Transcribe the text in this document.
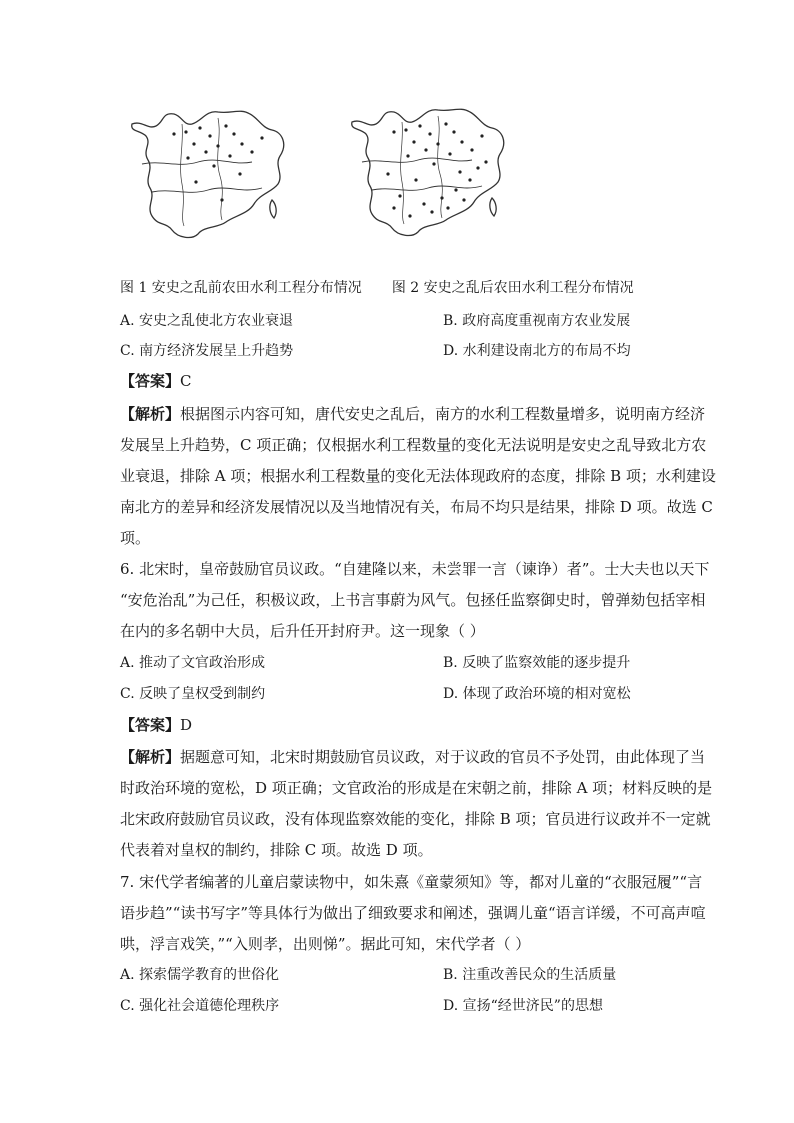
图 1 安史之乱前农田水利工程分布情况 图 2 安史之乱后农田水利工程分布情况
A. 安史之乱使北方农业衰退	B. 政府高度重视南方农业发展
C. 南方经济发展呈上升趋势	D. 水利建设南北方的布局不均
【答案】C
【解析】根据图示内容可知，唐代安史之乱后，南方的水利工程数量增多，说明南方经济
发展呈上升趋势，C 项正确；仅根据水利工程数量的变化无法说明是安史之乱导致北方农
业衰退，排除 A 项；根据水利工程数量的变化无法体现政府的态度，排除 B 项；水利建设
南北方的差异和经济发展情况以及当地情况有关，布局不均只是结果，排除 D 项。故选 C
项。
6. 北宋时，皇帝鼓励官员议政。“自建隆以来，未尝罪一言（谏诤）者”。士大夫也以天下
“安危治乱”为己任，积极议政，上书言事蔚为风气。包拯任监察御史时，曾弹劾包括宰相
在内的多名朝中大员，后升任开封府尹。这一现象（ ）
A. 推动了文官政治形成	B. 反映了监察效能的逐步提升
C. 反映了皇权受到制约	D. 体现了政治环境的相对宽松
【答案】D
【解析】据题意可知，北宋时期鼓励官员议政，对于议政的官员不予处罚，由此体现了当
时政治环境的宽松，D 项正确；文官政治的形成是在宋朝之前，排除 A 项；材料反映的是
北宋政府鼓励官员议政，没有体现监察效能的变化，排除 B 项；官员进行议政并不一定就
代表着对皇权的制约，排除 C 项。故选 D 项。
7. 宋代学者编著的儿童启蒙读物中，如朱熹《童蒙须知》等，都对儿童的“衣服冠履”“言
语步趋”“读书写字”等具体行为做出了细致要求和阐述，强调儿童“语言详缓，不可高声喧
哄，浮言戏笑，”“入则孝，出则悌”。据此可知，宋代学者（ ）
A. 探索儒学教育的世俗化	B. 注重改善民众的生活质量
C. 强化社会道德伦理秩序	D. 宣扬“经世济民”的思想
